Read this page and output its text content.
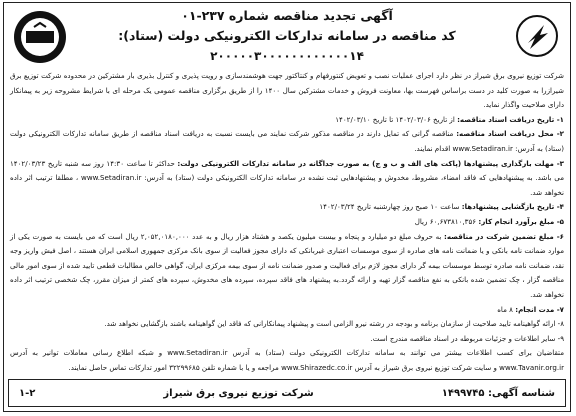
آگهی تجدید مناقصه شماره ۲۳۷-۰۱
کد مناقصه در سامانه تدارکات الکترونیکی دولت (ستاد):
۲۰۰۰۰۰۳۰۰۰۰۰۰۰۰۰۰۰۰۱۴

شرکت توزیع نیروی برق شیراز در نظر دارد اجرای عملیات نصب و تعویض کنتورفهام و کنتاکتور جهت هوشمندسازی و رویت پذیری و کنترل بذیری بار مشترکین در محدوده شرکت توزیع برق شیرازرا به صورت کلید در دست براساس فهرست بها، معاونت فروش و خدمات مشترکین سال ۱۴۰۰ را از طریق برگزاری مناقصه عمومی یک مرحله ای با شرایط مشروحه زیر به پیمانکار دارای صلاحیت واگذار نماید.

۱- تاریخ دریافت اسناد مناقصه: از تاریخ ۱۴۰۲/۰۳/۰۶ تا تاریخ ۱۴۰۲/۰۳/۱۰

۲- محل دریافت اسناد مناقصه: مناقصه گرانی که تمایل دارند در مناقصه مذکور شرکت نمایند می بایست نسبت به دریافت اسناد مناقصه از طریق سامانه تدارکات الکترونیکی دولت (ستاد) به آدرس: www.Setadiran.ir اقدام نمایند.

۳- مهلت بارگذاری پیشنهادها (پاکت های الف و ب و ج) به صورت جداگانه در سامانه تدارکات الکترونیکی دولت: حداکثر تا ساعت ۱۴:۳۰ روز سه شنبه تاریخ ۱۴۰۲/۰۳/۲۳ می باشد. به پیشنهادهایی که فاقد امضاء، مشروط، مخدوش و پیشنهادهایی ثبت نشده در سامانه تدارکات الکترونیکی دولت (ستاد) به آدرس: www.Setadiran.ir ، مطلقا ترتیب اثر داده نخواهد شد.

۴- تاریخ بازگشایی پیشنهادها: ساعت ۱۰ صبح روز چهارشنبه تاریخ ۱۴۰۲/۰۳/۲۴

۵- مبلغ برآورد انجام کار: ۶۰,۶۷۳۸۱۰,۳۵۶ ریال

۶- مبلغ تضمین شرکت در مناقصه: به حروف مبلغ دو میلیارد و پنجاه و بیست میلیون یکصد و هشتاد هزار ریال و به عدد ۲,۰۵۲,۰۱۸۰,۰۰۰ ریال است که می بایست به صورت یکی از موارد ضمانت نامه بانکی و یا ضمانت نامه های صادره از سوی موسسات اعتباری غیربانکی که دارای مجوز فعالیت از سوی بانک مرکزی جمهوری اسلامی ایران هستند ، اصل فیش واریز وجه نقد، ضمانت نامه صادره توسط موسسات بیمه گر دارای مجوز لازم برای فعالیت و صدور ضمانت نامه از سوی بیمه مرکزی ایران، گواهی خالص مطالبات قطعی تایید شده از سوی امور مالی مناقصه گزار ، چک تضمین شده بانکی به نفع مناقصه گزار تهیه و ارائه گردد.به پیشنهاد های فاقد سپرده، سپرده های مخدوش، سپرده های کمتر از میزان مقرر، چک شخصی ترتیب اثر داده نخواهد شد.

۷- مدت انجام: ۸ ماه

۸- ارائه گواهینامه تایید صلاحیت از سازمان برنامه و بودجه در رشته نیرو الزامی است و پیشنهاد پیمانکارانی که فاقد این گواهینامه باشند بازگشایی نخواهد شد.

۹- سایر اطلاعات و جزئیات مربوطه در اسناد مناقصه مندرج است.

متقاضیان برای کسب اطلاعات بیشتر می توانند به سامانه تدارکات الکترونیکی دولت (ستاد) به آدرس www.Setadiran.ir و شبکه اطلاع رسانی معاملات توانیر به آدرس www.Tavanir.org.ir و سایت شرکت توزیع نیروی برق شیراز به آدرس www.Shirazedc.co.ir مراجعه و یا با شماره تلفن ۳۲۲۹۹۶۸۵ امور تدارکات تماس حاصل نمایند.

شناسه آگهی: ۱۴۹۹۷۴۵
شرکت توزیع نیروی برق شیراز
۱-۲
